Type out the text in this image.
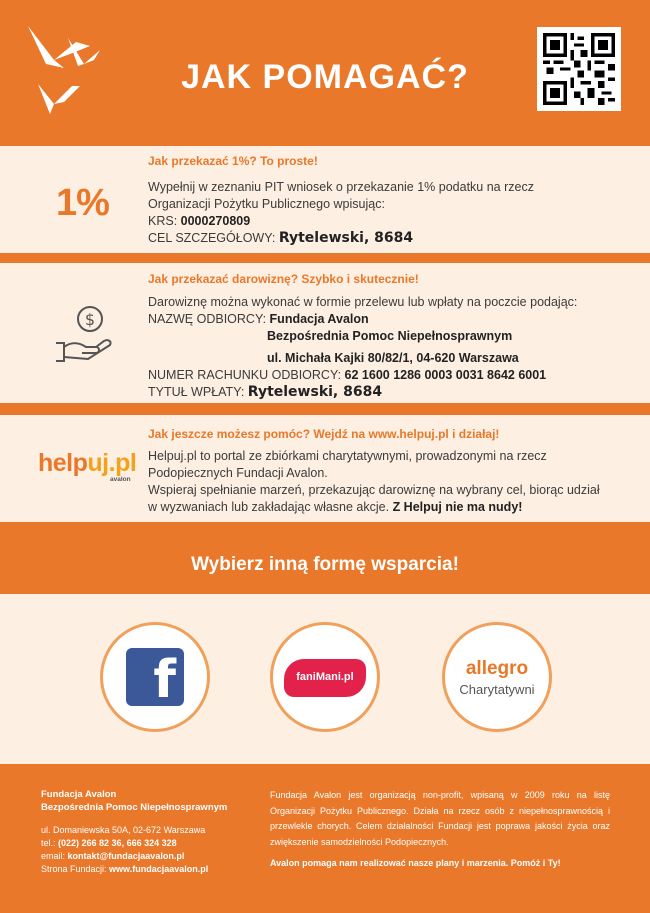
JAK POMAGAĆ?
1%
Jak przekazać 1%? To proste!
Wypełnij w zeznaniu PIT wniosek o przekazanie 1% podatku na rzecz
Organizacji Pożytku Publicznego wpisując:
KRS: 0000270809
CEL SZCZEGÓŁOWY: Rytelewski, 8684
$
Jak przekazać darowiznę? Szybko i skutecznie!
Darowiznę można wykonać w formie przelewu lub wpłaty na poczcie podając:
NAZWĘ ODBIORCY: Fundacja Avalon
Bezpośrednia Pomoc Niepełnosprawnym
ul. Michała Kajki 80/82/1, 04-620 Warszawa
NUMER RACHUNKU ODBIORCY: 62 1600 1286 0003 0031 8642 6001
TYTUŁ WPŁATY: Rytelewski, 8684
helpuj.pl
avalon
Jak jeszcze możesz pomóc? Wejdź na www.helpuj.pl i działaj!
Helpuj.pl to portal ze zbiórkami charytatywnymi, prowadzonymi na rzecz
Podopiecznych Fundacji Avalon.
Wspieraj spełnianie marzeń, przekazując darowiznę na wybrany cel, biorąc udział
w wyzwaniach lub zakładając własne akcje. Z Helpuj nie ma nudy!
Wybierz inną formę wsparcia!
f	faniMani.pl	allegro
Charytatywni
Fundacja Avalon
Bezpośrednia Pomoc Niepełnosprawnym
ul. Domaniewska 50A, 02-672 Warszawa
tel.: (022) 266 82 36, 666 324 328
email: kontakt@fundacjaavalon.pl
Strona Fundacji: www.fundacjaavalon.pl
Fundacja Avalon jest organizacją non-profit, wpisaną w 2009 roku na listę Organizacji Pożytku Publicznego. Działa na rzecz osób z niepełnosprawnością i przewlekle chorych. Celem działalności Fundacji jest poprawa jakości życia oraz zwiększenie samodzielności Podopiecznych.
Avalon pomaga nam realizować nasze plany i marzenia. Pomóż i Ty!
